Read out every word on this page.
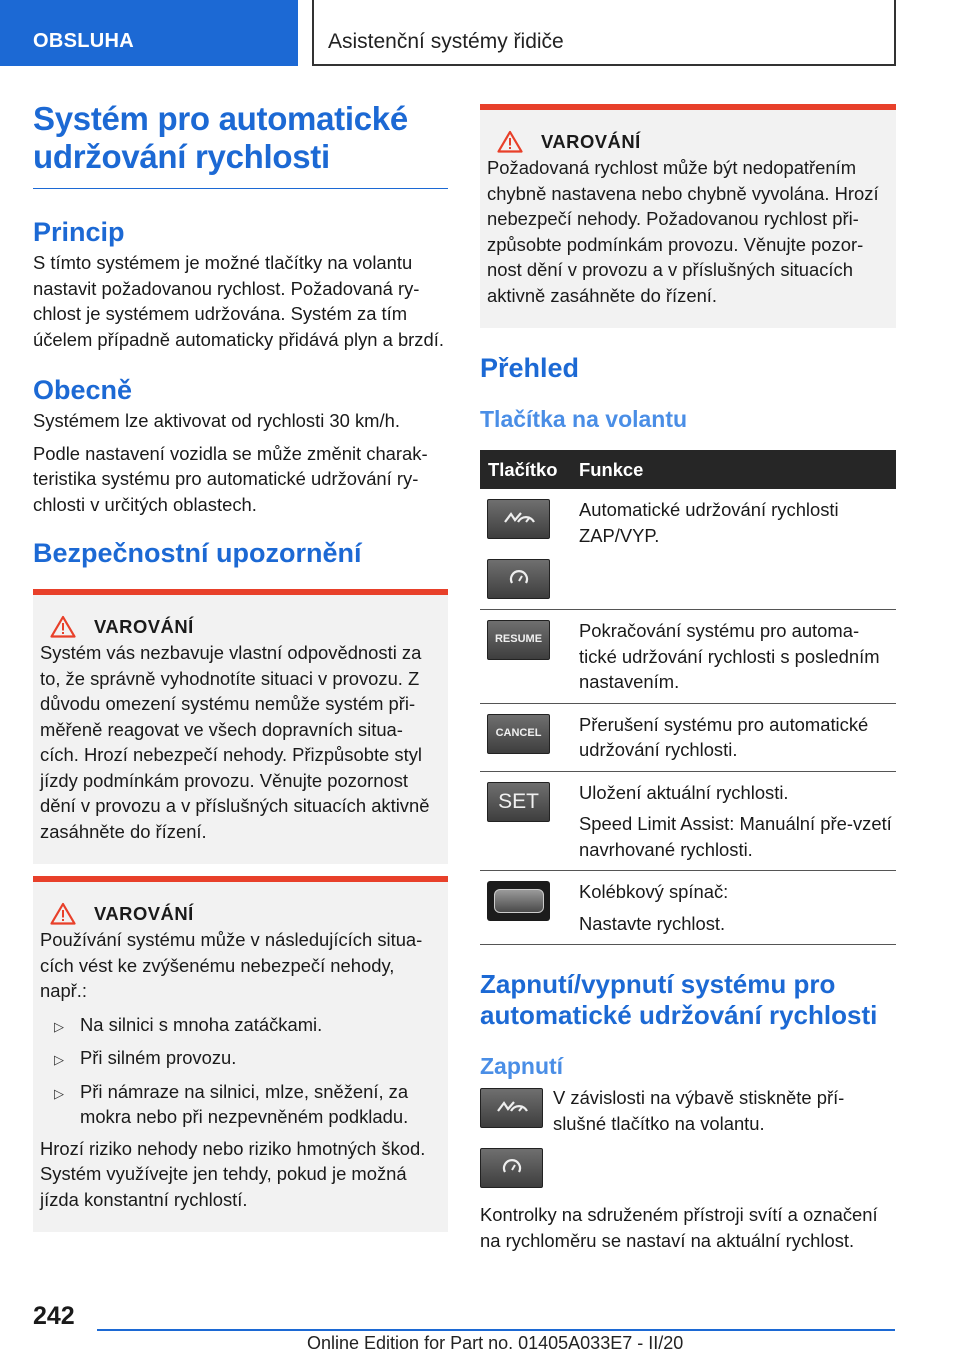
OBSLUHA	Asistenční systémy řidiče
Systém pro automatické
udržování rychlosti
Princip

S tímto systémem je možné tlačítky na volantu nastavit požadovanou rychlost. Požadovaná ry-chlost je systémem udržována. Systém za tím účelem případně automaticky přidává plyn a brzdí.

Obecně

Systémem lze aktivovat od rychlosti 30 km/h.

Podle nastavení vozidla se může změnit charak-teristika systému pro automatické udržování ry-chlosti v určitých oblastech.

Bezpečnostní upozornění
VAROVÁNÍ

Systém vás nezbavuje vlastní odpovědnosti za to, že správně vyhodnotíte situaci v provozu. Z důvodu omezení systému nemůže systém při-měřeně reagovat ve všech dopravních situa-cích. Hrozí nebezpečí nehody. Přizpůsobte styl jízdy podmínkám provozu. Věnujte pozornost dění v provozu a v příslušných situacích aktivně zasáhněte do řízení.

VAROVÁNÍ

Používání systému může v následujících situa-cích vést ke zvýšenému nebezpečí nehody, např.:

▷ Na silnici s mnoha zatáčkami.
▷ Při silném provozu.
▷ Při námraze na silnici, mlze, sněžení, za mokra nebo při nezpevněném podkladu.

Hrozí riziko nehody nebo riziko hmotných škod. Systém využívejte jen tehdy, pokud je možná jízda konstantní rychlostí.

VAROVÁNÍ

Požadovaná rychlost může být nedopatřením chybně nastavena nebo chybně vyvolána. Hrozí nebezpečí nehody. Požadovanou rychlost při-způsobte podmínkám provozu. Věnujte pozor-nost dění v provozu a v příslušných situacích aktivně zasáhněte do řízení.

Přehled
Tlačítka na volantu
Tlačítko	Funkce

	Automatické udržování rychlosti ZAP/VYP.

RESUME	Pokračování systému pro automa-tické udržování rychlosti s posledním nastavením.

CANCEL	Přerušení systému pro automatické udržování rychlosti.

SET	Uložení aktuální rychlosti.
Speed Limit Assist: Manuální pře-vzetí navrhované rychlosti.

	Kolébkový spínač:
Nastavte rychlost.
Zapnutí/vypnutí systému pro
automatické udržování rychlosti
Zapnutí

V závislosti na výbavě stiskněte pří-slušné tlačítko na volantu.

Kontrolky na sdruženém přístroji svítí a označení na rychloměru se nastaví na aktuální rychlost.

242
Online Edition for Part no. 01405A033E7 - II/20
